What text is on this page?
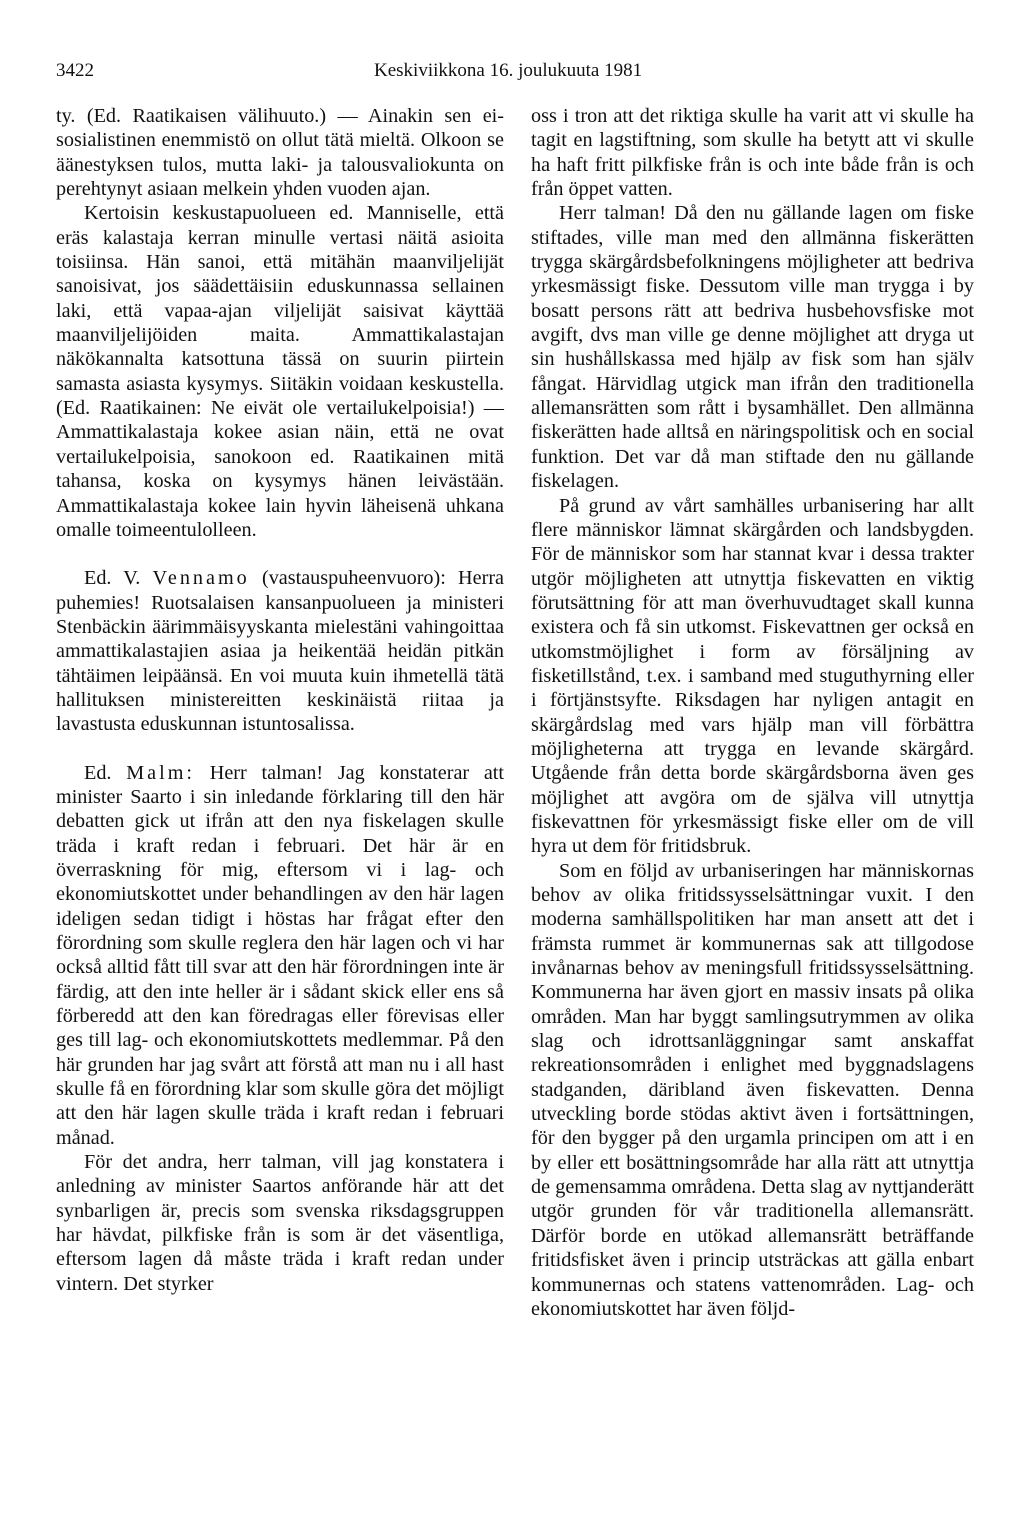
3422	Keskiviikkona 16. joulukuuta 1981

ty. (Ed. Raatikaisen välihuuto.) — Ainakin sen ei-sosialistinen enemmistö on ollut tätä mieltä. Olkoon se äänestyksen tulos, mutta laki- ja talousvaliokunta on perehtynyt asiaan melkein yhden vuoden ajan.

Kertoisin keskustapuolueen ed. Manniselle, että eräs kalastaja kerran minulle vertasi näitä asioita toisiinsa. Hän sanoi, että mitähän maanviljelijät sanoisivat, jos säädettäisiin eduskunnassa sellainen laki, että vapaa-ajan viljelijät saisivat käyttää maanviljelijöiden maita. Ammattikalastajan näkökannalta katsottuna tässä on suurin piirtein samasta asiasta kysymys. Siitäkin voidaan keskustella. (Ed. Raatikainen: Ne eivät ole vertailukelpoisia!) — Ammattikalastaja kokee asian näin, että ne ovat vertailukelpoisia, sanokoon ed. Raatikainen mitä tahansa, koska on kysymys hänen leivästään. Ammattikalastaja kokee lain hyvin läheisenä uhkana omalle toimeentulolleen.

Ed. V. Vennamo (vastauspuheenvuoro): Herra puhemies! Ruotsalaisen kansanpuolueen ja ministeri Stenbäckin äärimmäisyyskanta mielestäni vahingoittaa ammattikalastajien asiaa ja heikentää heidän pitkän tähtäimen leipäänsä. En voi muuta kuin ihmetellä tätä hallituksen ministereitten keskinäistä riitaa ja lavastusta eduskunnan istuntosalissa.

Ed. Malm: Herr talman! Jag konstaterar att minister Saarto i sin inledande förklaring till den här debatten gick ut ifrån att den nya fiskelagen skulle träda i kraft redan i februari. Det här är en överraskning för mig, eftersom vi i lag- och ekonomiutskottet under behandlingen av den här lagen ideligen sedan tidigt i höstas har frågat efter den förordning som skulle reglera den här lagen och vi har också alltid fått till svar att den här förordningen inte är färdig, att den inte heller är i sådant skick eller ens så förberedd att den kan föredragas eller förevisas eller ges till lag- och ekonomiutskottets medlemmar. På den här grunden har jag svårt att förstå att man nu i all hast skulle få en förordning klar som skulle göra det möjligt att den här lagen skulle träda i kraft redan i februari månad.

För det andra, herr talman, vill jag konstatera i anledning av minister Saartos anförande här att det synbarligen är, precis som svenska riksdagsgruppen har hävdat, pilkfiske från is som är det väsentliga, eftersom lagen då måste träda i kraft redan under vintern. Det styrker

oss i tron att det riktiga skulle ha varit att vi skulle ha tagit en lagstiftning, som skulle ha betytt att vi skulle ha haft fritt pilkfiske från is och inte både från is och från öppet vatten.

Herr talman! Då den nu gällande lagen om fiske stiftades, ville man med den allmänna fiskerätten trygga skärgårdsbefolkningens möjligheter att bedriva yrkesmässigt fiske. Dessutom ville man trygga i by bosatt persons rätt att bedriva husbehovsfiske mot avgift, dvs man ville ge denne möjlighet att dryga ut sin hushållskassa med hjälp av fisk som han själv fångat. Härvidlag utgick man ifrån den traditionella allemansrätten som rått i bysamhället. Den allmänna fiskerätten hade alltså en näringspolitisk och en social funktion. Det var då man stiftade den nu gällande fiskelagen.

På grund av vårt samhälles urbanisering har allt flere människor lämnat skärgården och landsbygden. För de människor som har stannat kvar i dessa trakter utgör möjligheten att utnyttja fiskevatten en viktig förutsättning för att man överhuvudtaget skall kunna existera och få sin utkomst. Fiskevattnen ger också en utkomstmöjlighet i form av försäljning av fisketillstånd, t.ex. i samband med stuguthyrning eller i förtjänstsyfte. Riksdagen har nyligen antagit en skärgårdslag med vars hjälp man vill förbättra möjligheterna att trygga en levande skärgård. Utgående från detta borde skärgårdsborna även ges möjlighet att avgöra om de själva vill utnyttja fiskevattnen för yrkesmässigt fiske eller om de vill hyra ut dem för fritidsbruk.

Som en följd av urbaniseringen har människornas behov av olika fritidssysselsättningar vuxit. I den moderna samhällspolitiken har man ansett att det i främsta rummet är kommunernas sak att tillgodose invånarnas behov av meningsfull fritidssysselsättning. Kommunerna har även gjort en massiv insats på olika områden. Man har byggt samlingsutrymmen av olika slag och idrottsanläggningar samt anskaffat rekreationsområden i enlighet med byggnadslagens stadganden, däribland även fiskevatten. Denna utveckling borde stödas aktivt även i fortsättningen, för den bygger på den urgamla principen om att i en by eller ett bosättningsområde har alla rätt att utnyttja de gemensamma områdena. Detta slag av nyttjanderätt utgör grunden för vår traditionella allemansrätt. Därför borde en utökad allemansrätt beträffande fritidsfisket även i princip utsträckas att gälla enbart kommunernas och statens vattenområden. Lag- och ekonomiutskottet har även följd-
